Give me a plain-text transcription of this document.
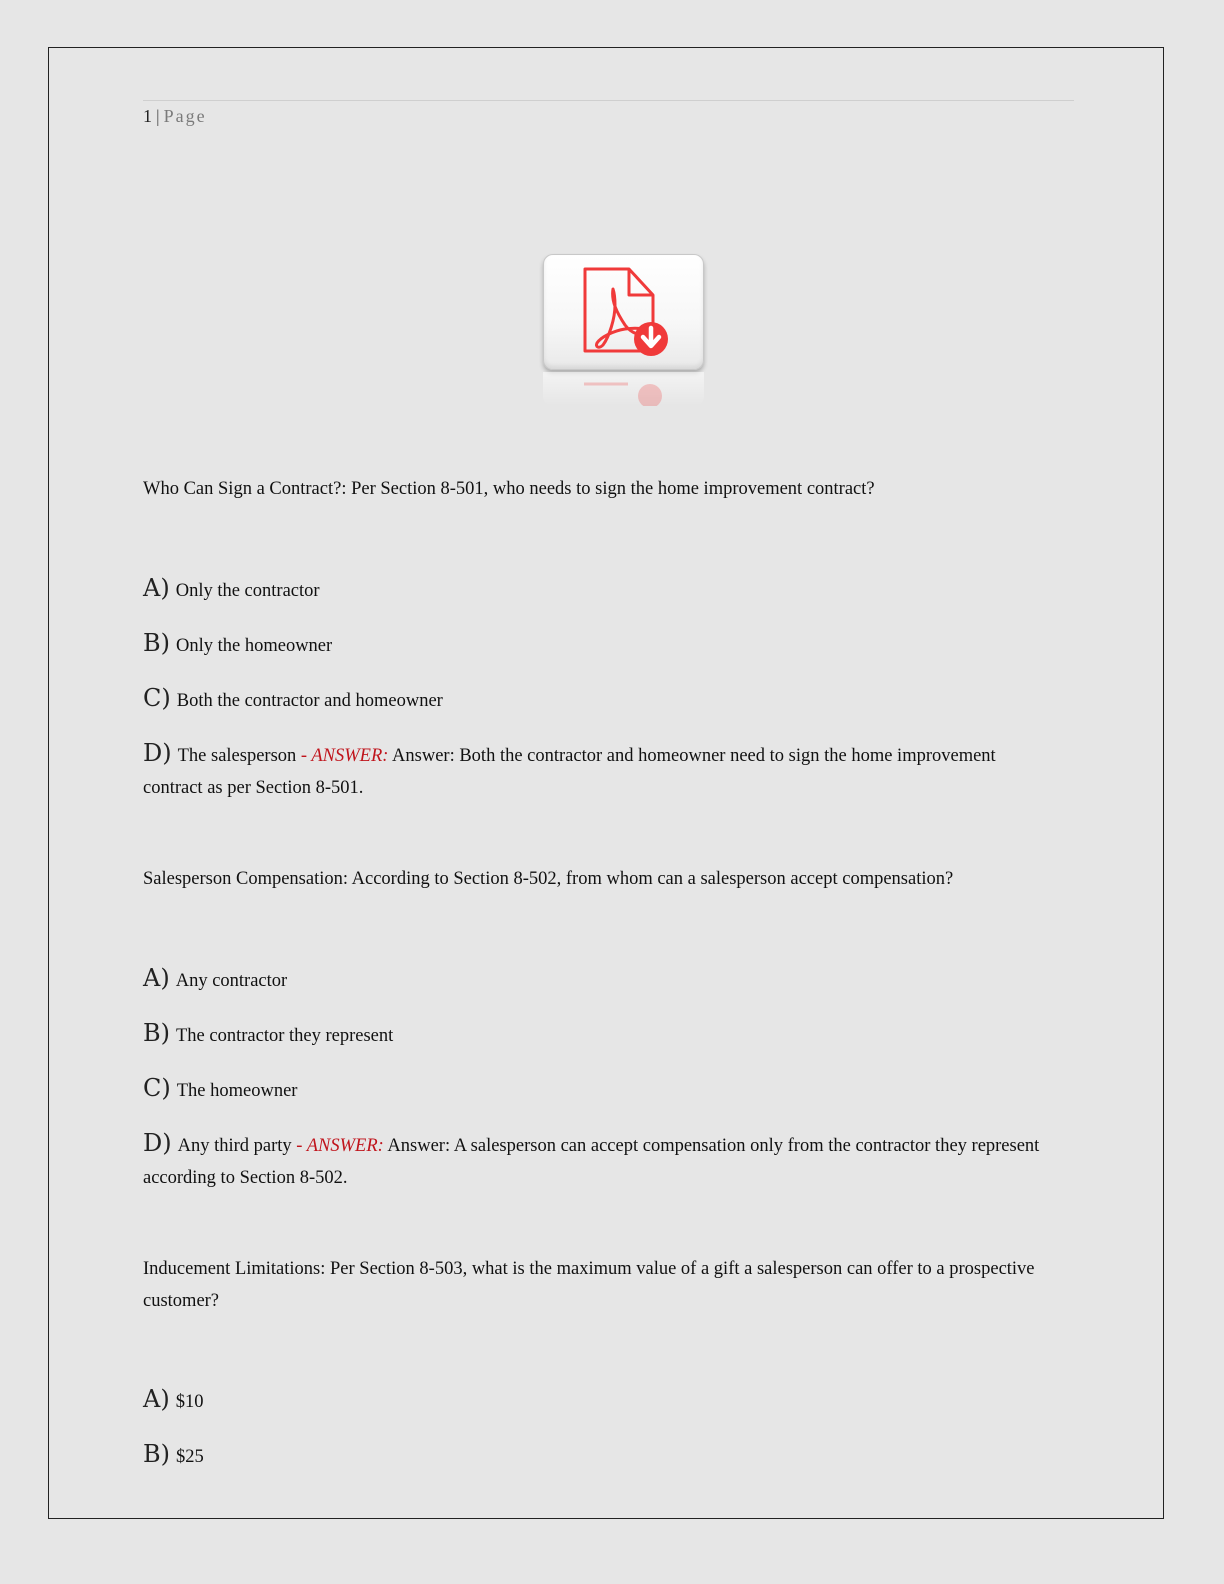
1 | Page
Who Can Sign a Contract?: Per Section 8-501, who needs to sign the home improvement contract?
A) Only the contractor
B) Only the homeowner
C) Both the contractor and homeowner
D) The salesperson - ANSWER: Answer: Both the contractor and homeowner need to sign the home improvement contract as per Section 8-501.
Salesperson Compensation: According to Section 8-502, from whom can a salesperson accept compensation?
A) Any contractor
B) The contractor they represent
C) The homeowner
D) Any third party - ANSWER: Answer: A salesperson can accept compensation only from the contractor they represent according to Section 8-502.
Inducement Limitations: Per Section 8-503, what is the maximum value of a gift a salesperson can offer to a prospective customer?
A) $10
B) $25
